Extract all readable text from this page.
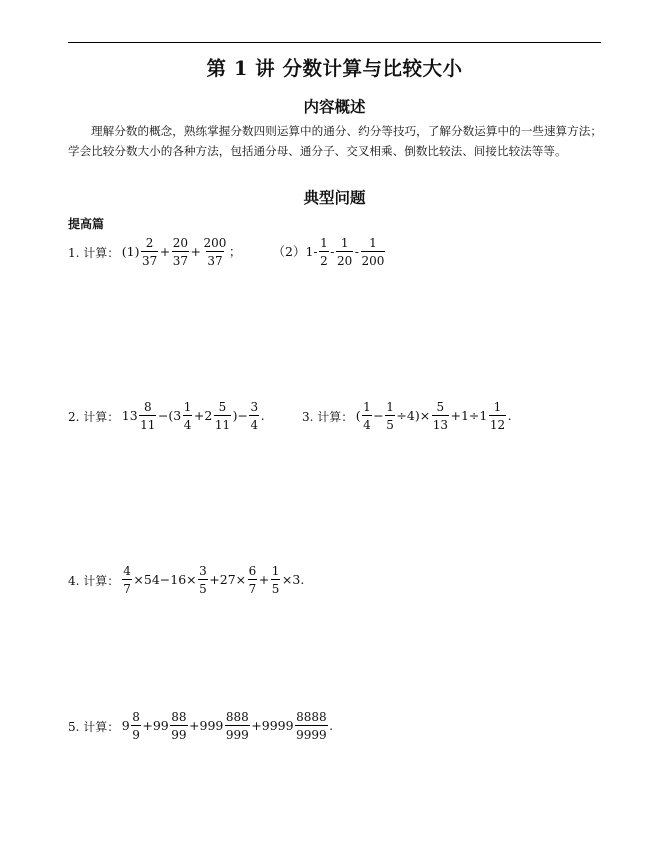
第 1 讲 分数计算与比较大小
内容概述
理解分数的概念，熟练掌握分数四则运算中的通分、约分等技巧，了解分数运算中的一些速算方法；学会比较分数大小的各种方法，包括通分母、通分子、交叉相乘、倒数比较法、间接比较法等等。
典型问题
提高篇
1. 计算： $(1) \frac{2}{37} + \frac{20}{37} + \frac{200}{37}$ ； $(2)1- \frac{1}{2} - \frac{1}{20} - \frac{1}{200}$
2. 计算： $13 \frac{8}{11} -(3 \frac{1}{4} +2 \frac{5}{11}$ )− $\frac{3}{4}$ .	3. 计算： ( $\frac{1}{4} - \frac{1}{5} \div 4)\times \frac{5}{13} +1\div 1 \frac{1}{12}$ .
4. 计算： $\frac{4}{7} \times 54-16\times \frac{3}{5} +27\times \frac{6}{7} + \frac{1}{5} \times 3$.
5. 计算： $9 \frac{8}{9} +99 \frac{88}{99} +999 \frac{888}{999} +9999 \frac{8888}{9999}$ .
